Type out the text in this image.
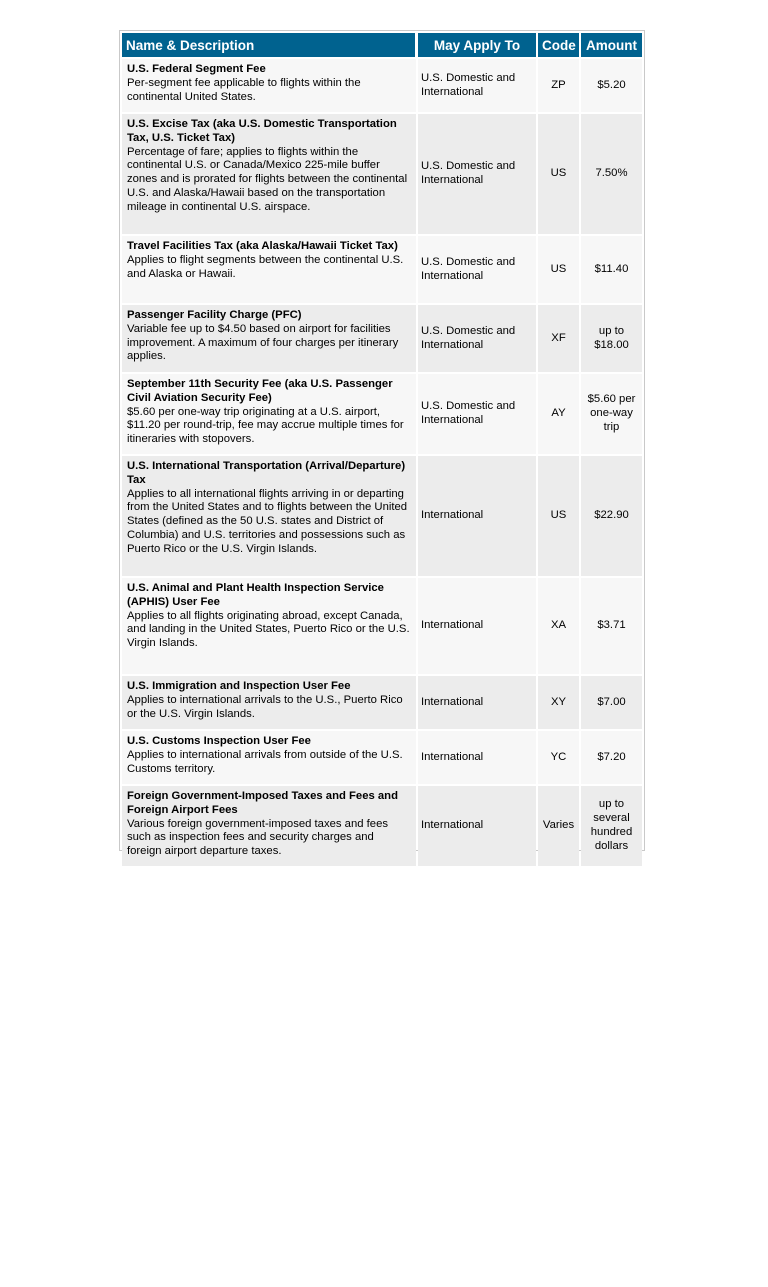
Name & Description	May Apply To	Code	Amount

U.S. Federal Segment Fee
Per-segment fee applicable to flights within the continental United States.	U.S. Domestic and International	ZP	$5.20

U.S. Excise Tax (aka U.S. Domestic Transportation Tax, U.S. Ticket Tax)
Percentage of fare; applies to flights within the continental U.S. or Canada/Mexico 225-mile buffer zones and is prorated for flights between the continental U.S. and Alaska/Hawaii based on the transportation mileage in continental U.S. airspace.	U.S. Domestic and International	US	7.50%

Travel Facilities Tax (aka Alaska/Hawaii Ticket Tax)
Applies to flight segments between the continental U.S. and Alaska or Hawaii.	U.S. Domestic and International	US	$11.40

Passenger Facility Charge (PFC)
Variable fee up to $4.50 based on airport for facilities improvement. A maximum of four charges per itinerary applies.	U.S. Domestic and International	XF	up to $18.00

September 11th Security Fee (aka U.S. Passenger Civil Aviation Security Fee)
$5.60 per one-way trip originating at a U.S. airport, $11.20 per round-trip, fee may accrue multiple times for itineraries with stopovers.	U.S. Domestic and International	AY	$5.60 per one-way trip

U.S. International Transportation (Arrival/Departure) Tax
Applies to all international flights arriving in or departing from the United States and to flights between the United States (defined as the 50 U.S. states and District of Columbia) and U.S. territories and possessions such as Puerto Rico or the U.S. Virgin Islands.	International	US	$22.90

U.S. Animal and Plant Health Inspection Service (APHIS) User Fee
Applies to all flights originating abroad, except Canada, and landing in the United States, Puerto Rico or the U.S. Virgin Islands.	International	XA	$3.71

U.S. Immigration and Inspection User Fee
Applies to international arrivals to the U.S., Puerto Rico or the U.S. Virgin Islands.	International	XY	$7.00

U.S. Customs Inspection User Fee
Applies to international arrivals from outside of the U.S. Customs territory.	International	YC	$7.20

Foreign Government-Imposed Taxes and Fees and Foreign Airport Fees
Various foreign government-imposed taxes and fees such as inspection fees and security charges and foreign airport departure taxes.	International	Varies	up to several hundred dollars
